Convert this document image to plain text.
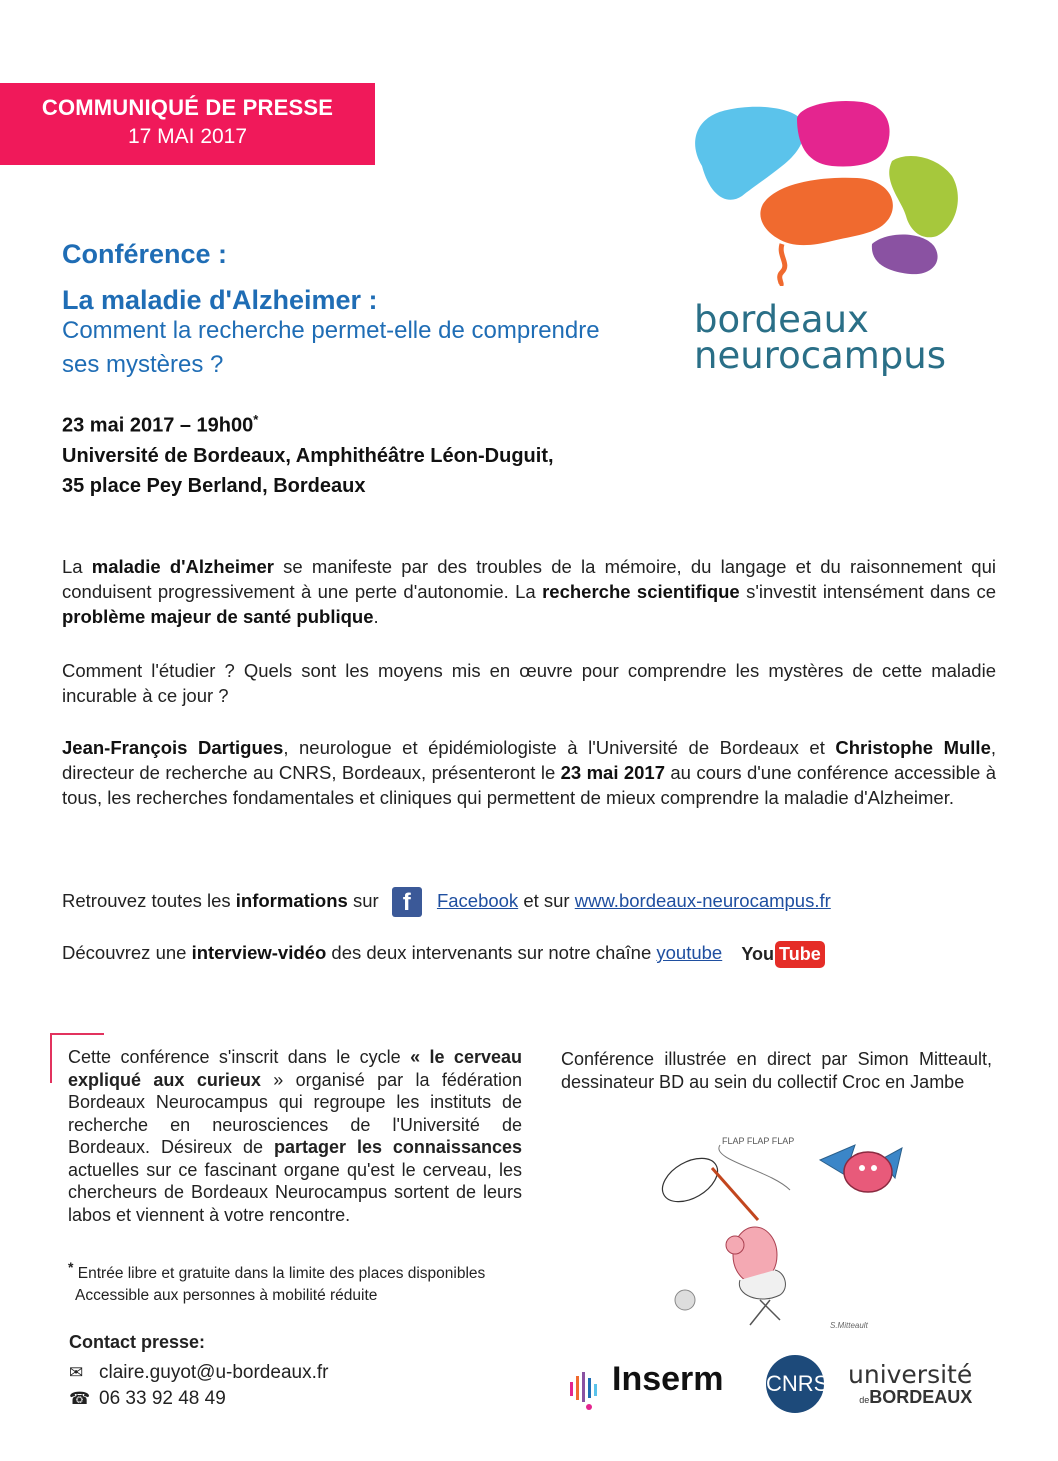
COMMUNIQUÉ DE PRESSE
17 MAI 2017
bordeaux
neurocampus
Conférence :
La maladie d'Alzheimer :
Comment la recherche permet-elle de comprendre ses mystères ?
23 mai 2017 – 19h00*
Université de Bordeaux, Amphithéâtre Léon-Duguit,
35 place Pey Berland, Bordeaux
La maladie d'Alzheimer se manifeste par des troubles de la mémoire, du langage et du raisonnement qui conduisent progressivement à une perte d'autonomie. La recherche scientifique s'investit intensément dans ce problème majeur de santé publique.
Comment l'étudier ? Quels sont les moyens mis en œuvre pour comprendre les mystères de cette maladie incurable à ce jour ?
Jean-François Dartigues, neurologue et épidémiologiste à l'Université de Bordeaux et Christophe Mulle, directeur de recherche au CNRS, Bordeaux, présenteront le 23 mai 2017 au cours d'une conférence accessible à tous, les recherches fondamentales et cliniques qui permettent de mieux comprendre la maladie d'Alzheimer.
Retrouvez toutes les informations sur f Facebook et sur www.bordeaux-neurocampus.fr
Découvrez une interview-vidéo des deux intervenants sur notre chaîne youtube You Tube
Cette conférence s'inscrit dans le cycle « le cerveau expliqué aux curieux » organisé par la fédération Bordeaux Neurocampus qui regroupe les instituts de recherche en neurosciences de l'Université de Bordeaux. Désireux de partager les connaissances actuelles sur ce fascinant organe qu'est le cerveau, les chercheurs de Bordeaux Neurocampus sortent de leurs labos et viennent à votre rencontre.
* Entrée libre et gratuite dans la limite des places disponibles
Accessible aux personnes à mobilité réduite
Conférence illustrée en direct par Simon Mitteault, dessinateur BD au sein du collectif Croc en Jambe
FLAP FLAP FLAP
S.Mitteault
Contact presse:
✉ claire.guyot@u-bordeaux.fr
☎ 06 33 92 48 49
Inserm CNRS université
deBORDEAUX
